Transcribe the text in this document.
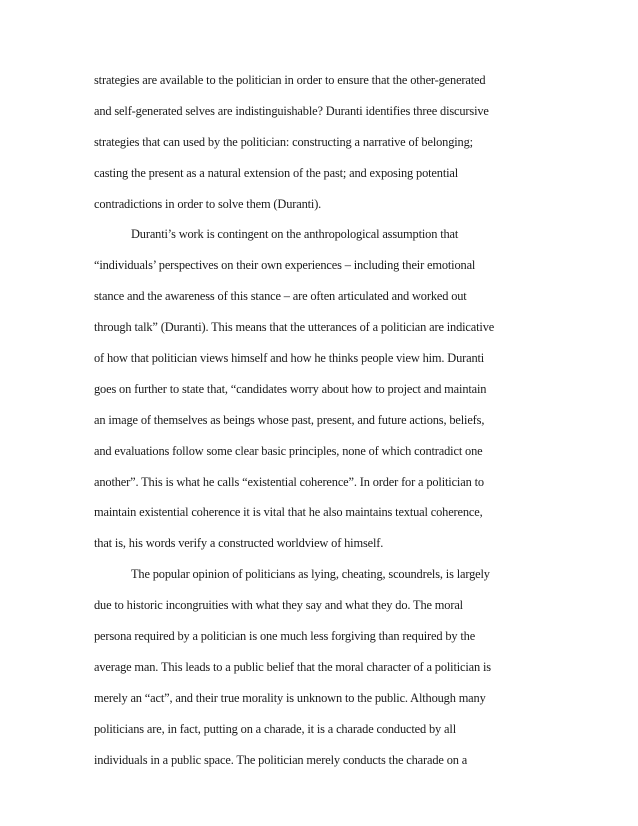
strategies are available to the politician in order to ensure that the other-generated
and self-generated selves are indistinguishable? Duranti identifies three discursive
strategies that can used by the politician: constructing a narrative of belonging;
casting the present as a natural extension of the past; and exposing potential
contradictions in order to solve them (Duranti).
Duranti’s work is contingent on the anthropological assumption that
“individuals’ perspectives on their own experiences – including their emotional
stance and the awareness of this stance – are often articulated and worked out
through talk” (Duranti). This means that the utterances of a politician are indicative
of how that politician views himself and how he thinks people view him. Duranti
goes on further to state that, “candidates worry about how to project and maintain
an image of themselves as beings whose past, present, and future actions, beliefs,
and evaluations follow some clear basic principles, none of which contradict one
another”. This is what he calls “existential coherence”. In order for a politician to
maintain existential coherence it is vital that he also maintains textual coherence,
that is, his words verify a constructed worldview of himself.
The popular opinion of politicians as lying, cheating, scoundrels, is largely
due to historic incongruities with what they say and what they do. The moral
persona required by a politician is one much less forgiving than required by the
average man. This leads to a public belief that the moral character of a politician is
merely an “act”, and their true morality is unknown to the public. Although many
politicians are, in fact, putting on a charade, it is a charade conducted by all
individuals in a public space. The politician merely conducts the charade on a
